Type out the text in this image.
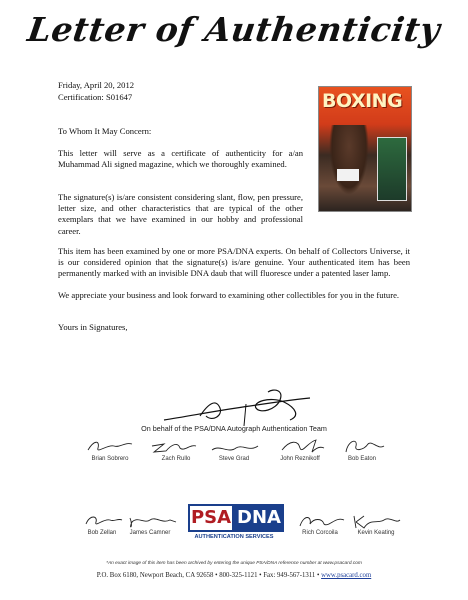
Letter of Authenticity
Friday, April 20, 2012
Certification: S01647
To Whom It May Concern:
This letter will serve as a certificate of authenticity for a/an Muhammad Ali signed magazine, which we thoroughly examined.
The signature(s) is/are consistent considering slant, flow, pen pressure, letter size, and other characteristics that are typical of the other exemplars that we have examined in our hobby and professional career.
This item has been examined by one or more PSA/DNA experts. On behalf of Collectors Universe, it is our considered opinion that the signature(s) is/are genuine. Your authenticated item has been permanently marked with an invisible DNA daub that will fluoresce under a patented laser lamp.
We appreciate your business and look forward to examining other collectibles for you in the future.
Yours in Signatures,
BOXING
On behalf of the PSA/DNA Autograph Authentication Team
Brian Sobrero	Zach Rullo	Steve Grad	John Reznikoff	Bob Eaton
Bob Zellan	James Camner	Rich Corcoila	Kevin Keating
PSA DNA
AUTHENTICATION SERVICES
*An exact image of this item has been archived by entering the unique PSA/DNA reference number at www.psacard.com
P.O. Box 6180, Newport Beach, CA 92658 • 800-325-1121 • Fax: 949-567-1311 • www.psacard.com
